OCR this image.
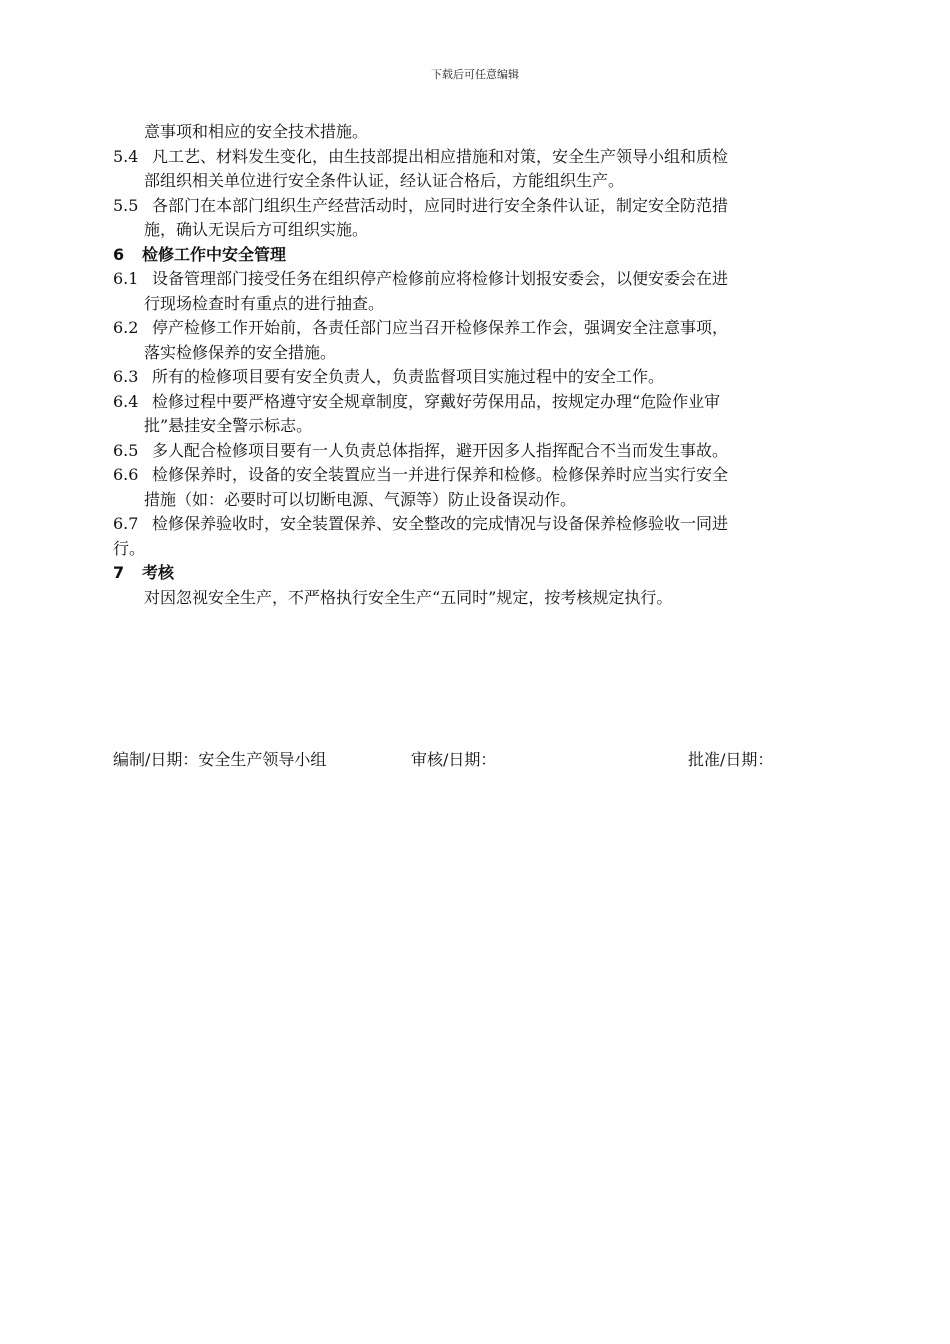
下载后可任意编辑

意事项和相应的安全技术措施。

5.4 凡工艺、材料发生变化，由生技部提出相应措施和对策，安全生产领导小组和质检

部组织相关单位进行安全条件认证，经认证合格后，方能组织生产。

5.5 各部门在本部门组织生产经营活动时，应同时进行安全条件认证，制定安全防范措

施，确认无误后方可组织实施。

6 检修工作中安全管理

6.1 设备管理部门接受任务在组织停产检修前应将检修计划报安委会，以便安委会在进

行现场检查时有重点的进行抽查。

6.2 停产检修工作开始前，各责任部门应当召开检修保养工作会，强调安全注意事项，

落实检修保养的安全措施。

6.3 所有的检修项目要有安全负责人，负责监督项目实施过程中的安全工作。

6.4 检修过程中要严格遵守安全规章制度，穿戴好劳保用品，按规定办理“危险作业审

批”悬挂安全警示标志。

6.5 多人配合检修项目要有一人负责总体指挥，避开因多人指挥配合不当而发生事故。

6.6 检修保养时，设备的安全装置应当一并进行保养和检修。检修保养时应当实行安全

措施（如：必要时可以切断电源、气源等）防止设备误动作。

6.7 检修保养验收时，安全装置保养、安全整改的完成情况与设备保养检修验收一同进

行。

7 考核

对因忽视安全生产，不严格执行安全生产“五同时”规定，按考核规定执行。

编制/日期：安全生产领导小组	审核/日期：	批准/日期：
